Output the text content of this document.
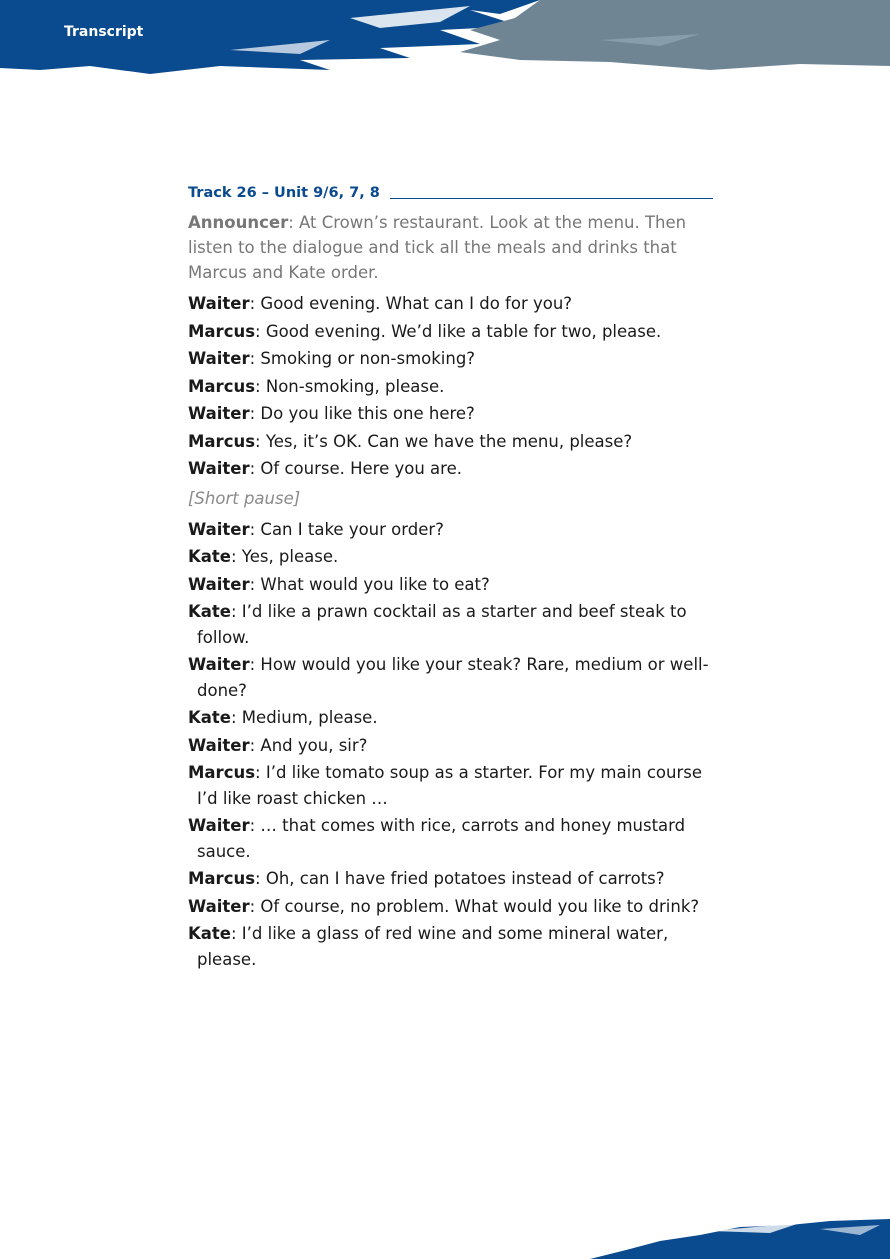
Transcript
Track 26 – Unit 9/6, 7, 8

Announcer: At Crown’s restaurant. Look at the menu. Then listen to the dialogue and tick all the meals and drinks that Marcus and Kate order.

Waiter: Good evening. What can I do for you?

Marcus: Good evening. We’d like a table for two, please.

Waiter: Smoking or non-smoking?

Marcus: Non-smoking, please.

Waiter: Do you like this one here?

Marcus: Yes, it’s OK. Can we have the menu, please?

Waiter: Of course. Here you are.

[Short pause]

Waiter: Can I take your order?

Kate: Yes, please.

Waiter: What would you like to eat?

Kate: I’d like a prawn cocktail as a starter and beef steak to follow.

Waiter: How would you like your steak? Rare, medium or well-done?

Kate: Medium, please.

Waiter: And you, sir?

Marcus: I’d like tomato soup as a starter. For my main course I’d like roast chicken …

Waiter: … that comes with rice, carrots and honey mustard sauce.

Marcus: Oh, can I have fried potatoes instead of carrots?

Waiter: Of course, no problem. What would you like to drink?

Kate: I’d like a glass of red wine and some mineral water, please.
